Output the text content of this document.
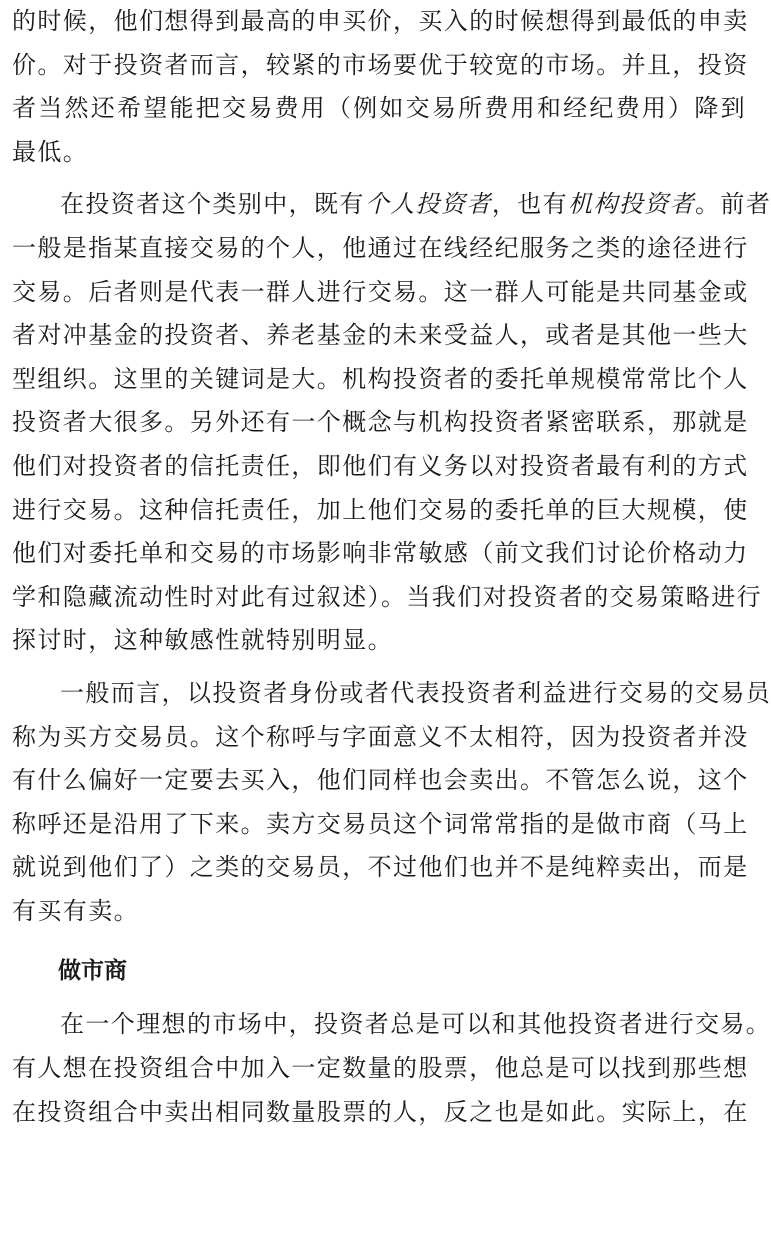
的时候，他们想得到最高的申买价，买入的时候想得到最低的申卖
价。对于投资者而言，较紧的市场要优于较宽的市场。并且，投资
者当然还希望能把交易费用（例如交易所费用和经纪费用）降到
最低。
在投资者这个类别中，既有个人投资者，也有机构投资者。前者
一般是指某直接交易的个人，他通过在线经纪服务之类的途径进行
交易。后者则是代表一群人进行交易。这一群人可能是共同基金或
者对冲基金的投资者、养老基金的未来受益人，或者是其他一些大
型组织。这里的关键词是大。机构投资者的委托单规模常常比个人
投资者大很多。另外还有一个概念与机构投资者紧密联系，那就是
他们对投资者的信托责任，即他们有义务以对投资者最有利的方式
进行交易。这种信托责任，加上他们交易的委托单的巨大规模，使
他们对委托单和交易的市场影响非常敏感（前文我们讨论价格动力
学和隐藏流动性时对此有过叙述）。当我们对投资者的交易策略进行
探讨时，这种敏感性就特别明显。
一般而言，以投资者身份或者代表投资者利益进行交易的交易员
称为买方交易员。这个称呼与字面意义不太相符，因为投资者并没
有什么偏好一定要去买入，他们同样也会卖出。不管怎么说，这个
称呼还是沿用了下来。卖方交易员这个词常常指的是做市商（马上
就说到他们了）之类的交易员，不过他们也并不是纯粹卖出，而是
有买有卖。
做市商
在一个理想的市场中，投资者总是可以和其他投资者进行交易。
有人想在投资组合中加入一定数量的股票，他总是可以找到那些想
在投资组合中卖出相同数量股票的人，反之也是如此。实际上，在
